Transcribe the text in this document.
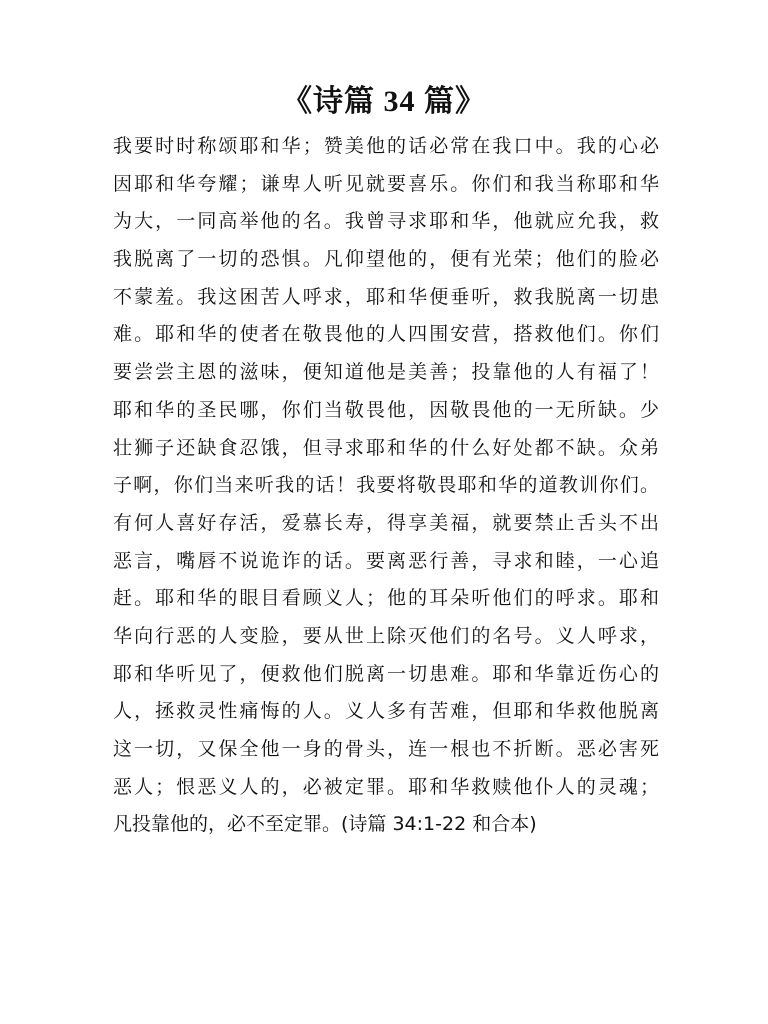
《诗篇 34 篇》
我要时时称颂耶和华；赞美他的话必常在我口中。我的心必
因耶和华夸耀；谦卑人听见就要喜乐。你们和我当称耶和华
为大，一同高举他的名。我曾寻求耶和华，他就应允我，救
我脱离了一切的恐惧。凡仰望他的，便有光荣；他们的脸必
不蒙羞。我这困苦人呼求，耶和华便垂听，救我脱离一切患
难。耶和华的使者在敬畏他的人四围安营，搭救他们。你们
要尝尝主恩的滋味，便知道他是美善；投靠他的人有福了！
耶和华的圣民哪，你们当敬畏他，因敬畏他的一无所缺。少
壮狮子还缺食忍饿，但寻求耶和华的什么好处都不缺。众弟
子啊，你们当来听我的话！我要将敬畏耶和华的道教训你们。
有何人喜好存活，爱慕长寿，得享美福，就要禁止舌头不出
恶言，嘴唇不说诡诈的话。要离恶行善，寻求和睦，一心追
赶。耶和华的眼目看顾义人；他的耳朵听他们的呼求。耶和
华向行恶的人变脸，要从世上除灭他们的名号。义人呼求，
耶和华听见了，便救他们脱离一切患难。耶和华靠近伤心的
人，拯救灵性痛悔的人。义人多有苦难，但耶和华救他脱离
这一切，又保全他一身的骨头，连一根也不折断。恶必害死
恶人；恨恶义人的，必被定罪。耶和华救赎他仆人的灵魂；
凡投靠他的，必不至定罪。(诗篇 34:1-22 和合本)
